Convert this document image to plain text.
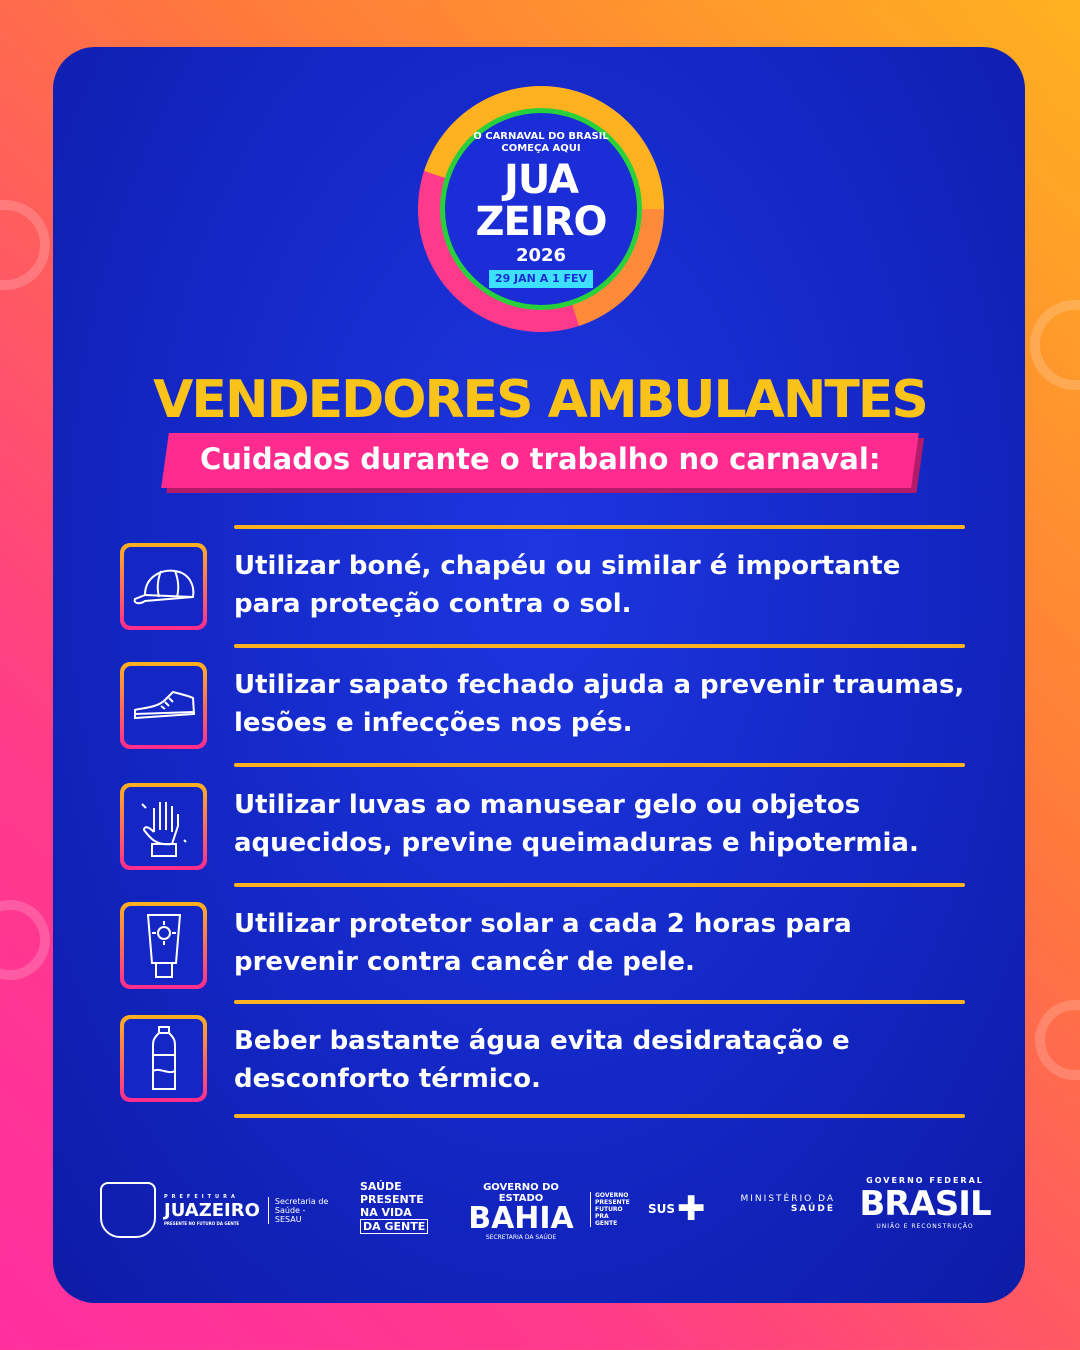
O CARNAVAL DO BRASIL COMEÇA AQUI
JUA
ZEIRO
2026
29 JAN A 1 FEV
VENDEDORES AMBULANTES
Cuidados durante o trabalho no carnaval:
Utilizar boné, chapéu ou similar é importante para proteção contra o sol.
Utilizar sapato fechado ajuda a prevenir traumas, lesões e infecções nos pés.
Utilizar luvas ao manusear gelo ou objetos aquecidos, previne queimaduras e hipotermia.
Utilizar protetor solar a cada 2 horas para prevenir contra cancêr de pele.
Beber bastante água evita desidratação e desconforto térmico.
PREFEITURA
JUAZEIRO
PRESENTE NO FUTURO DA GENTE
Secretaria de Saúde - SESAU
SAÚDE
PRESENTE
NA VIDA
DA GENTE
GOVERNO DO ESTADO
BAHIA
SECRETARIA DA SAÚDE
GOVERNO PRESENTE FUTURO PRA GENTE
SUS ✚	MINISTÉRIO DA
SAÚDE
GOVERNO FEDERAL
BRASIL
UNIÃO E RECONSTRUÇÃO
